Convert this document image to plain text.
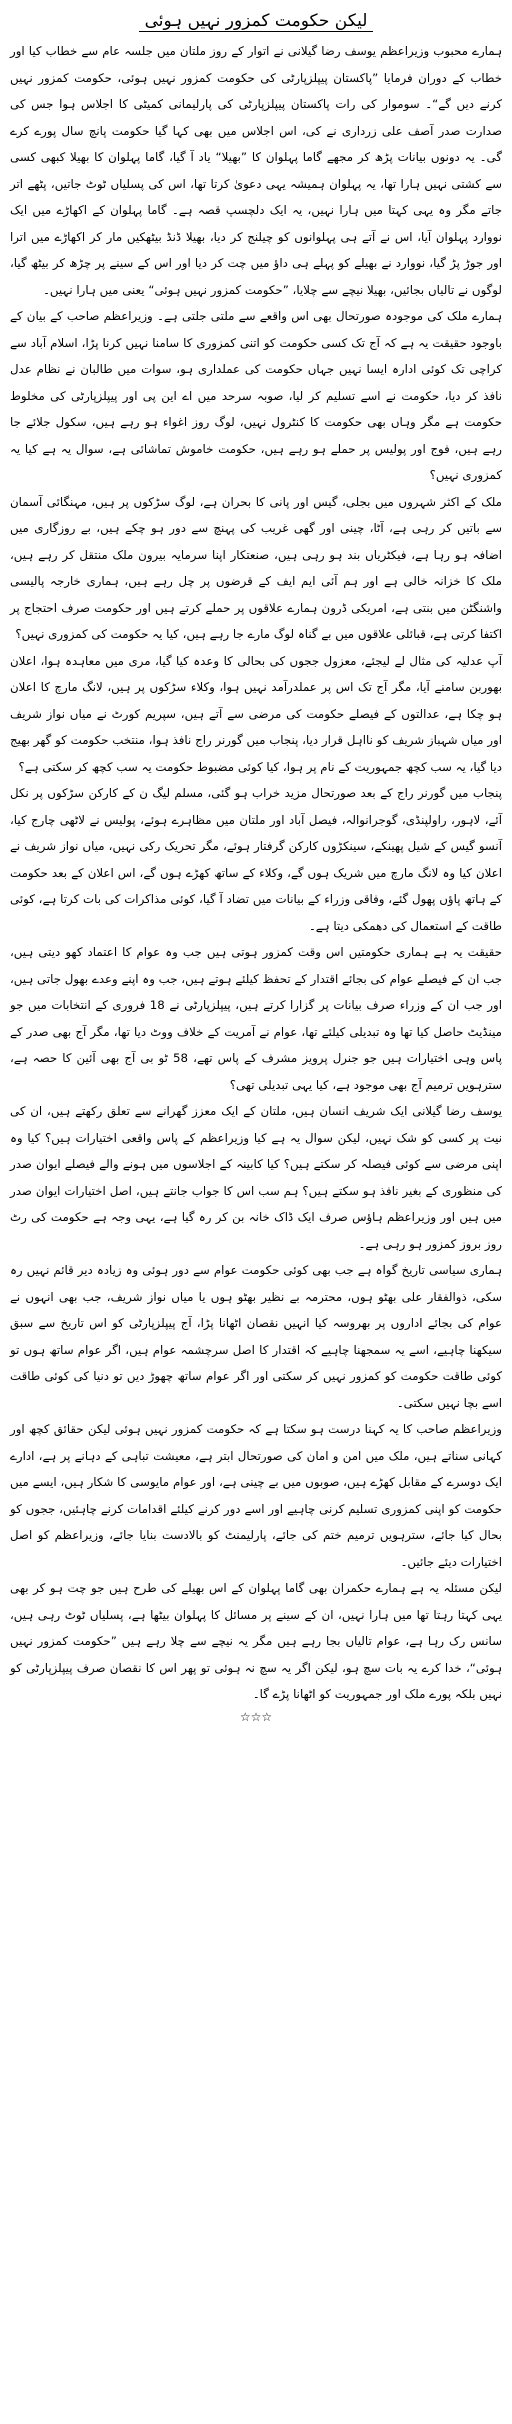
لیکن حکومت کمزور نہیں ہوئی

ہمارے محبوب وزیراعظم یوسف رضا گیلانی نے اتوار کے روز ملتان میں جلسہ عام سے خطاب کیا اور خطاب کے دوران فرمایا ”پاکستان پیپلزپارٹی کی حکومت کمزور نہیں ہوئی، حکومت کمزور نہیں کرنے دیں گے“۔ سوموار کی رات پاکستان پیپلزپارٹی کی پارلیمانی کمیٹی کا اجلاس ہوا جس کی صدارت صدر آصف علی زرداری نے کی، اس اجلاس میں بھی کہا گیا حکومت پانچ سال پورے کرے گی۔ یہ دونوں بیانات پڑھ کر مجھے گاما پہلوان کا ”بھیلا“ یاد آ گیا، گاما پہلوان کا بھیلا کبھی کسی سے کشتی نہیں ہارا تھا، یہ پہلوان ہمیشہ یہی دعویٰ کرتا تھا، اس کی پسلیاں ٹوٹ جاتیں، پٹھے اتر جاتے مگر وہ یہی کہتا میں ہارا نہیں، یہ ایک دلچسپ قصہ ہے۔ گاما پہلوان کے اکھاڑے میں ایک نووارد پہلوان آیا، اس نے آتے ہی پہلوانوں کو چیلنج کر دیا، بھیلا ڈنڈ بیٹھکیں مار کر اکھاڑے میں اترا اور جوڑ پڑ گیا، نووارد نے بھیلے کو پہلے ہی داؤ میں چت کر دیا اور اس کے سینے پر چڑھ کر بیٹھ گیا، لوگوں نے تالیاں بجائیں، بھیلا نیچے سے چلایا، ”حکومت کمزور نہیں ہوئی“ یعنی میں ہارا نہیں۔

ہمارے ملک کی موجودہ صورتحال بھی اس واقعے سے ملتی جلتی ہے۔ وزیراعظم صاحب کے بیان کے باوجود حقیقت یہ ہے کہ آج تک کسی حکومت کو اتنی کمزوری کا سامنا نہیں کرنا پڑا، اسلام آباد سے کراچی تک کوئی ادارہ ایسا نہیں جہاں حکومت کی عملداری ہو، سوات میں طالبان نے نظام عدل نافذ کر دیا، حکومت نے اسے تسلیم کر لیا، صوبہ سرحد میں اے این پی اور پیپلزپارٹی کی مخلوط حکومت ہے مگر وہاں بھی حکومت کا کنٹرول نہیں، لوگ روز اغواء ہو رہے ہیں، سکول جلائے جا رہے ہیں، فوج اور پولیس پر حملے ہو رہے ہیں، حکومت خاموش تماشائی ہے، سوال یہ ہے کیا یہ کمزوری نہیں؟

ملک کے اکثر شہروں میں بجلی، گیس اور پانی کا بحران ہے، لوگ سڑکوں پر ہیں، مہنگائی آسمان سے باتیں کر رہی ہے، آٹا، چینی اور گھی غریب کی پہنچ سے دور ہو چکے ہیں، بے روزگاری میں اضافہ ہو رہا ہے، فیکٹریاں بند ہو رہی ہیں، صنعتکار اپنا سرمایہ بیرون ملک منتقل کر رہے ہیں، ملک کا خزانہ خالی ہے اور ہم آئی ایم ایف کے قرضوں پر چل رہے ہیں، ہماری خارجہ پالیسی واشنگٹن میں بنتی ہے، امریکی ڈرون ہمارے علاقوں پر حملے کرتے ہیں اور حکومت صرف احتجاج پر اکتفا کرتی ہے، قبائلی علاقوں میں بے گناہ لوگ مارے جا رہے ہیں، کیا یہ حکومت کی کمزوری نہیں؟

آپ عدلیہ کی مثال لے لیجئے، معزول ججوں کی بحالی کا وعدہ کیا گیا، مری میں معاہدہ ہوا، اعلان بھوربن سامنے آیا، مگر آج تک اس پر عملدرآمد نہیں ہوا، وکلاء سڑکوں پر ہیں، لانگ مارچ کا اعلان ہو چکا ہے، عدالتوں کے فیصلے حکومت کی مرضی سے آتے ہیں، سپریم کورٹ نے میاں نواز شریف اور میاں شہباز شریف کو نااہل قرار دیا، پنجاب میں گورنر راج نافذ ہوا، منتخب حکومت کو گھر بھیج دیا گیا، یہ سب کچھ جمہوریت کے نام پر ہوا، کیا کوئی مضبوط حکومت یہ سب کچھ کر سکتی ہے؟

پنجاب میں گورنر راج کے بعد صورتحال مزید خراب ہو گئی، مسلم لیگ ن کے کارکن سڑکوں پر نکل آئے، لاہور، راولپنڈی، گوجرانوالہ، فیصل آباد اور ملتان میں مظاہرے ہوئے، پولیس نے لاٹھی چارج کیا، آنسو گیس کے شیل پھینکے، سینکڑوں کارکن گرفتار ہوئے، مگر تحریک رکی نہیں، میاں نواز شریف نے اعلان کیا وہ لانگ مارچ میں شریک ہوں گے، وکلاء کے ساتھ کھڑے ہوں گے، اس اعلان کے بعد حکومت کے ہاتھ پاؤں پھول گئے، وفاقی وزراء کے بیانات میں تضاد آ گیا، کوئی مذاکرات کی بات کرتا ہے، کوئی طاقت کے استعمال کی دھمکی دیتا ہے۔

حقیقت یہ ہے ہماری حکومتیں اس وقت کمزور ہوتی ہیں جب وہ عوام کا اعتماد کھو دیتی ہیں، جب ان کے فیصلے عوام کی بجائے اقتدار کے تحفظ کیلئے ہوتے ہیں، جب وہ اپنے وعدے بھول جاتی ہیں، اور جب ان کے وزراء صرف بیانات پر گزارا کرتے ہیں، پیپلزپارٹی نے 18 فروری کے انتخابات میں جو مینڈیٹ حاصل کیا تھا وہ تبدیلی کیلئے تھا، عوام نے آمریت کے خلاف ووٹ دیا تھا، مگر آج بھی صدر کے پاس وہی اختیارات ہیں جو جنرل پرویز مشرف کے پاس تھے، 58 ٹو بی آج بھی آئین کا حصہ ہے، سترہویں ترمیم آج بھی موجود ہے، کیا یہی تبدیلی تھی؟

یوسف رضا گیلانی ایک شریف انسان ہیں، ملتان کے ایک معزز گھرانے سے تعلق رکھتے ہیں، ان کی نیت پر کسی کو شک نہیں، لیکن سوال یہ ہے کیا وزیراعظم کے پاس واقعی اختیارات ہیں؟ کیا وہ اپنی مرضی سے کوئی فیصلہ کر سکتے ہیں؟ کیا کابینہ کے اجلاسوں میں ہونے والے فیصلے ایوان صدر کی منظوری کے بغیر نافذ ہو سکتے ہیں؟ ہم سب اس کا جواب جانتے ہیں، اصل اختیارات ایوان صدر میں ہیں اور وزیراعظم ہاؤس صرف ایک ڈاک خانہ بن کر رہ گیا ہے، یہی وجہ ہے حکومت کی رٹ روز بروز کمزور ہو رہی ہے۔

ہماری سیاسی تاریخ گواہ ہے جب بھی کوئی حکومت عوام سے دور ہوئی وہ زیادہ دیر قائم نہیں رہ سکی، ذوالفقار علی بھٹو ہوں، محترمہ بے نظیر بھٹو ہوں یا میاں نواز شریف، جب بھی انہوں نے عوام کی بجائے اداروں پر بھروسہ کیا انہیں نقصان اٹھانا پڑا، آج پیپلزپارٹی کو اس تاریخ سے سبق سیکھنا چاہیے، اسے یہ سمجھنا چاہیے کہ اقتدار کا اصل سرچشمہ عوام ہیں، اگر عوام ساتھ ہوں تو کوئی طاقت حکومت کو کمزور نہیں کر سکتی اور اگر عوام ساتھ چھوڑ دیں تو دنیا کی کوئی طاقت اسے بچا نہیں سکتی۔

وزیراعظم صاحب کا یہ کہنا درست ہو سکتا ہے کہ حکومت کمزور نہیں ہوئی لیکن حقائق کچھ اور کہانی سناتے ہیں، ملک میں امن و امان کی صورتحال ابتر ہے، معیشت تباہی کے دہانے پر ہے، ادارے ایک دوسرے کے مقابل کھڑے ہیں، صوبوں میں بے چینی ہے، اور عوام مایوسی کا شکار ہیں، ایسے میں حکومت کو اپنی کمزوری تسلیم کرنی چاہیے اور اسے دور کرنے کیلئے اقدامات کرنے چاہئیں، ججوں کو بحال کیا جائے، سترہویں ترمیم ختم کی جائے، پارلیمنٹ کو بالادست بنایا جائے، وزیراعظم کو اصل اختیارات دیئے جائیں۔

لیکن مسئلہ یہ ہے ہمارے حکمران بھی گاما پہلوان کے اس بھیلے کی طرح ہیں جو چت ہو کر بھی یہی کہتا رہتا تھا میں ہارا نہیں، ان کے سینے پر مسائل کا پہلوان بیٹھا ہے، پسلیاں ٹوٹ رہی ہیں، سانس رک رہا ہے، عوام تالیاں بجا رہے ہیں مگر یہ نیچے سے چلا رہے ہیں ”حکومت کمزور نہیں ہوئی“، خدا کرے یہ بات سچ ہو، لیکن اگر یہ سچ نہ ہوئی تو پھر اس کا نقصان صرف پیپلزپارٹی کو نہیں بلکہ پورے ملک اور جمہوریت کو اٹھانا پڑے گا۔

☆☆☆
